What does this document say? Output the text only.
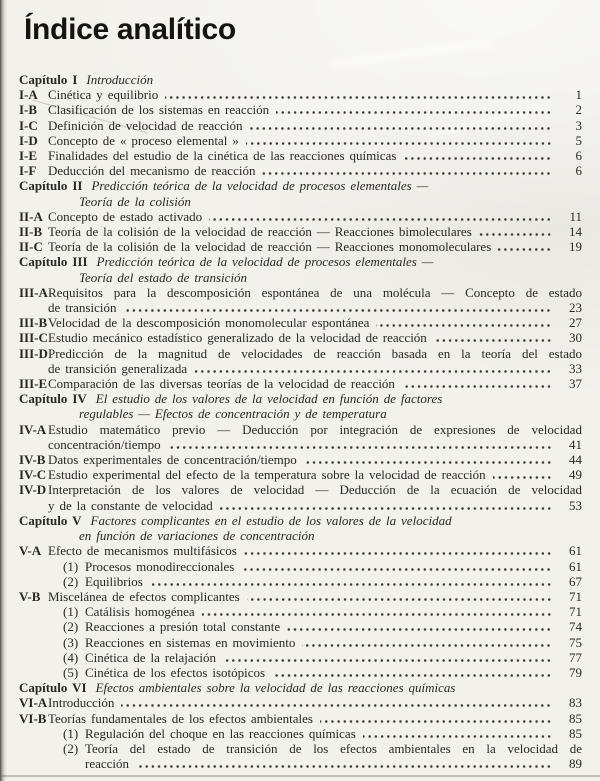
Índice analítico
Capítulo I Introducción
I-A Cinética y equilibrio	1
I-B Clasificación de los sistemas en reacción	2
I-C Definición de velocidad de reacción	3
I-D Concepto de « proceso elemental »	5
I-E Finalidades del estudio de la cinética de las reacciones químicas	6
I-F Deducción del mecanismo de reacción	6
Capítulo II Predicción teórica de la velocidad de procesos elementales —
Teoría de la colisión
II-A Concepto de estado activado	11
II-B Teoría de la colisión de la velocidad de reacción — Reacciones bimoleculares	14
II-C Teoría de la colisión de la velocidad de reacción — Reacciones monomoleculares	19
Capítulo III Predicción teórica de la velocidad de procesos elementales —
Teoría del estado de transición
III-A Requisitos para la descomposición espontánea de una molécula — Concepto de estado
de transición	23
III-B Velocidad de la descomposición monomolecular espontánea	27
III-C Estudio mecánico estadístico generalizado de la velocidad de reacción	30
III-D Predicción de la magnitud de velocidades de reacción basada en la teoría del estado
de transición generalizada	33
III-E Comparación de las diversas teorías de la velocidad de reacción	37
Capítulo IV El estudio de los valores de la velocidad en función de factores
regulables — Efectos de concentración y de temperatura
IV-A Estudio matemático previo — Deducción por integración de expresiones de velocidad
concentración/tiempo	41
IV-B Datos experimentales de concentración/tiempo	44
IV-C Estudio experimental del efecto de la temperatura sobre la velocidad de reacción	49
IV-D Interpretación de los valores de velocidad — Deducción de la ecuación de velocidad
y de la constante de velocidad	53
Capítulo V Factores complicantes en el estudio de los valores de la velocidad
en función de variaciones de concentración
V-A Efecto de mecanismos multifásicos	61
(1) Procesos monodireccionales	61
(2) Equilibrios	67
V-B Miscelánea de efectos complicantes	71
(1) Catálisis homogénea	71
(2) Reacciones a presión total constante	74
(3) Reacciones en sistemas en movimiento	75
(4) Cinética de la relajación	77
(5) Cinética de los efectos isotópicos	79
Capítulo VI Efectos ambientales sobre la velocidad de las reacciones químicas
VI-A Introducción	83
VI-B Teorías fundamentales de los efectos ambientales	85
(1) Regulación del choque en las reacciones químicas	85
(2) Teoría del estado de transición de los efectos ambientales en la velocidad de
reacción	89
